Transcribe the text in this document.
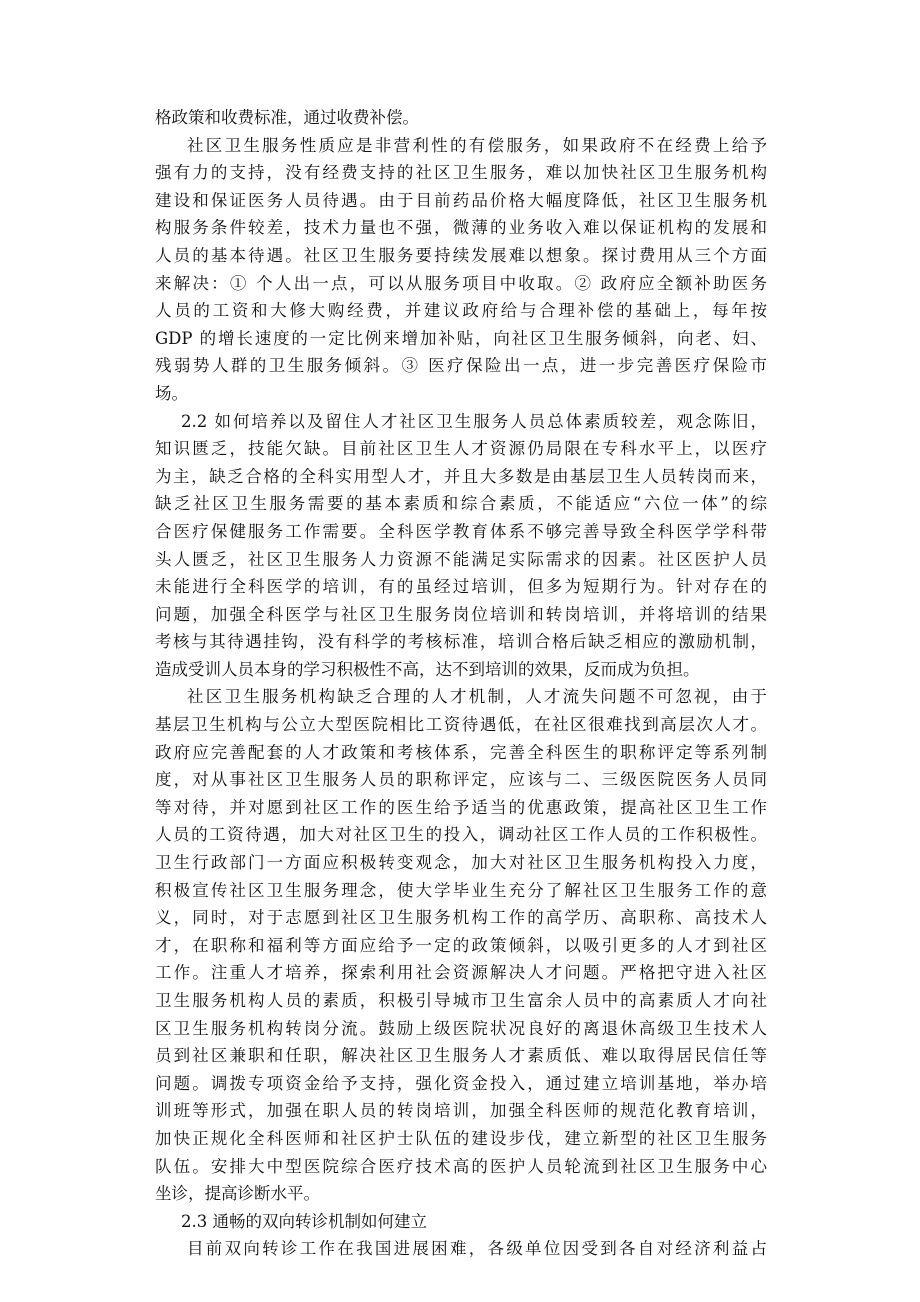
格政策和收费标准，通过收费补偿。
社区卫生服务性质应是非营利性的有偿服务，如果政府不在经费上给予
强有力的支持，没有经费支持的社区卫生服务，难以加快社区卫生服务机构
建设和保证医务人员待遇。由于目前药品价格大幅度降低，社区卫生服务机
构服务条件较差，技术力量也不强，微薄的业务收入难以保证机构的发展和
人员的基本待遇。社区卫生服务要持续发展难以想象。探讨费用从三个方面
来解决：① 个人出一点，可以从服务项目中收取。② 政府应全额补助医务
人员的工资和大修大购经费，并建议政府给与合理补偿的基础上，每年按
GDP 的增长速度的一定比例来增加补贴，向社区卫生服务倾斜，向老、妇、
残弱势人群的卫生服务倾斜。③ 医疗保险出一点，进一步完善医疗保险市
场。
2.2 如何培养以及留住人才社区卫生服务人员总体素质较差，观念陈旧，
知识匮乏，技能欠缺。目前社区卫生人才资源仍局限在专科水平上，以医疗
为主，缺乏合格的全科实用型人才，并且大多数是由基层卫生人员转岗而来，
缺乏社区卫生服务需要的基本素质和综合素质，不能适应“六位一体”的综
合医疗保健服务工作需要。全科医学教育体系不够完善导致全科医学学科带
头人匮乏，社区卫生服务人力资源不能满足实际需求的因素。社区医护人员
未能进行全科医学的培训，有的虽经过培训，但多为短期行为。针对存在的
问题，加强全科医学与社区卫生服务岗位培训和转岗培训，并将培训的结果
考核与其待遇挂钩，没有科学的考核标准，培训合格后缺乏相应的激励机制，
造成受训人员本身的学习积极性不高，达不到培训的效果，反而成为负担。
社区卫生服务机构缺乏合理的人才机制，人才流失问题不可忽视，由于
基层卫生机构与公立大型医院相比工资待遇低，在社区很难找到高层次人才。
政府应完善配套的人才政策和考核体系，完善全科医生的职称评定等系列制
度，对从事社区卫生服务人员的职称评定，应该与二、三级医院医务人员同
等对待，并对愿到社区工作的医生给予适当的优惠政策，提高社区卫生工作
人员的工资待遇，加大对社区卫生的投入，调动社区工作人员的工作积极性。
卫生行政部门一方面应积极转变观念，加大对社区卫生服务机构投入力度，
积极宣传社区卫生服务理念，使大学毕业生充分了解社区卫生服务工作的意
义，同时，对于志愿到社区卫生服务机构工作的高学历、高职称、高技术人
才，在职称和福利等方面应给予一定的政策倾斜，以吸引更多的人才到社区
工作。注重人才培养，探索利用社会资源解决人才问题。严格把守进入社区
卫生服务机构人员的素质，积极引导城市卫生富余人员中的高素质人才向社
区卫生服务机构转岗分流。鼓励上级医院状况良好的离退休高级卫生技术人
员到社区兼职和任职，解决社区卫生服务人才素质低、难以取得居民信任等
问题。调拨专项资金给予支持，强化资金投入，通过建立培训基地，举办培
训班等形式，加强在职人员的转岗培训，加强全科医师的规范化教育培训，
加快正规化全科医师和社区护士队伍的建设步伐，建立新型的社区卫生服务
队伍。安排大中型医院综合医疗技术高的医护人员轮流到社区卫生服务中心
坐诊，提高诊断水平。
2.3 通畅的双向转诊机制如何建立
目前双向转诊工作在我国进展困难，各级单位因受到各自对经济利益占
